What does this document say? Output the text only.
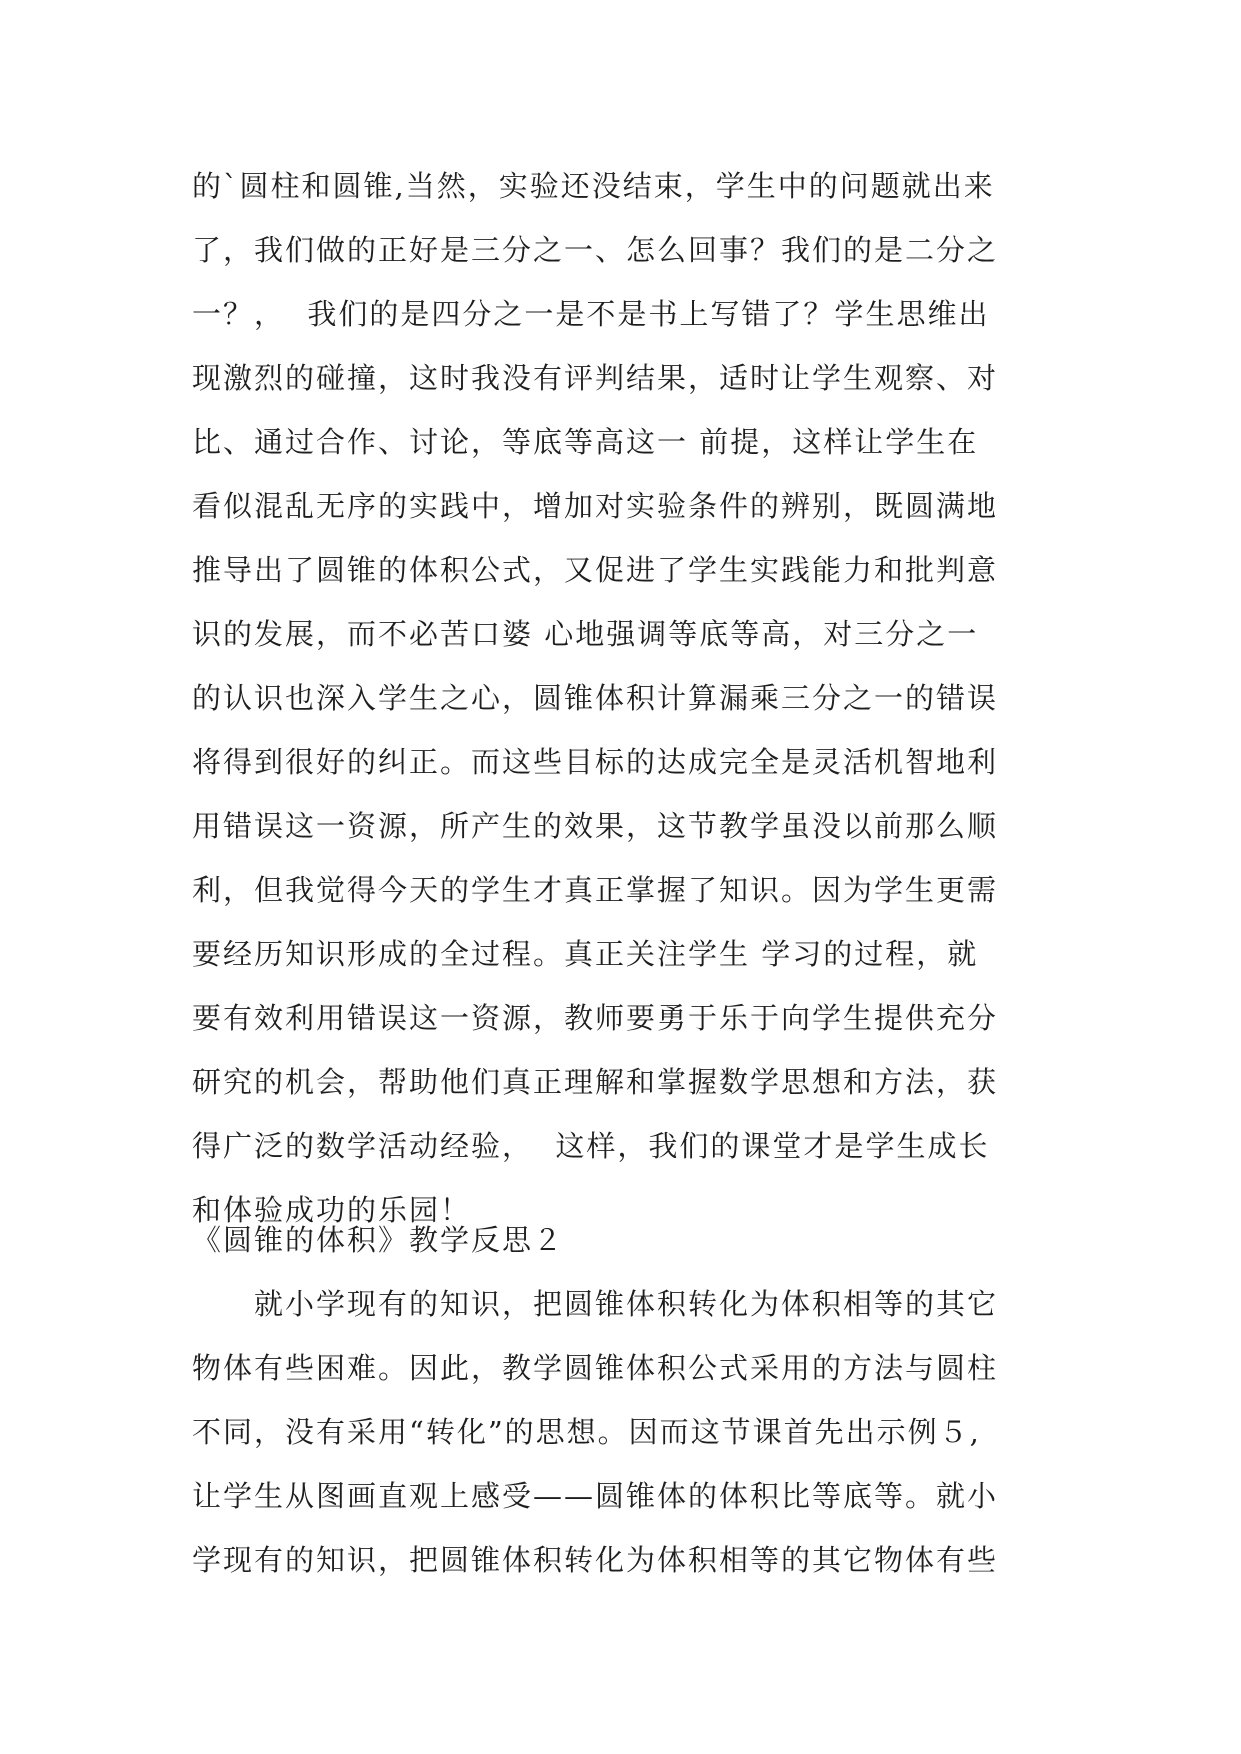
的`圆柱和圆锥,当然，实验还没结束，学生中的问题就出来
了，我们做的正好是三分之一、怎么回事？我们的是二分之
一？，  我们的是四分之一是不是书上写错了？学生思维出
现激烈的碰撞，这时我没有评判结果，适时让学生观察、对
比、通过合作、讨论，等底等高这一 前提，这样让学生在
看似混乱无序的实践中，增加对实验条件的辨别，既圆满地
推导出了圆锥的体积公式，又促进了学生实践能力和批判意
识的发展，而不必苦口婆 心地强调等底等高，对三分之一
的认识也深入学生之心，圆锥体积计算漏乘三分之一的错误
将得到很好的纠正。而这些目标的达成完全是灵活机智地利
用错误这一资源，所产生的效果，这节教学虽没以前那么顺
利，但我觉得今天的学生才真正掌握了知识。因为学生更需
要经历知识形成的全过程。真正关注学生 学习的过程，就
要有效利用错误这一资源，教师要勇于乐于向学生提供充分
研究的机会，帮助他们真正理解和掌握数学思想和方法，获
得广泛的数学活动经验，  这样，我们的课堂才是学生成长
和体验成功的乐园！
《圆锥的体积》教学反思２
　　就小学现有的知识，把圆锥体积转化为体积相等的其它
物体有些困难。因此，教学圆锥体积公式采用的方法与圆柱
不同，没有采用“转化”的思想。因而这节课首先出示例５,
让学生从图画直观上感受——圆锥体的体积比等底等。就小
学现有的知识，把圆锥体积转化为体积相等的其它物体有些
